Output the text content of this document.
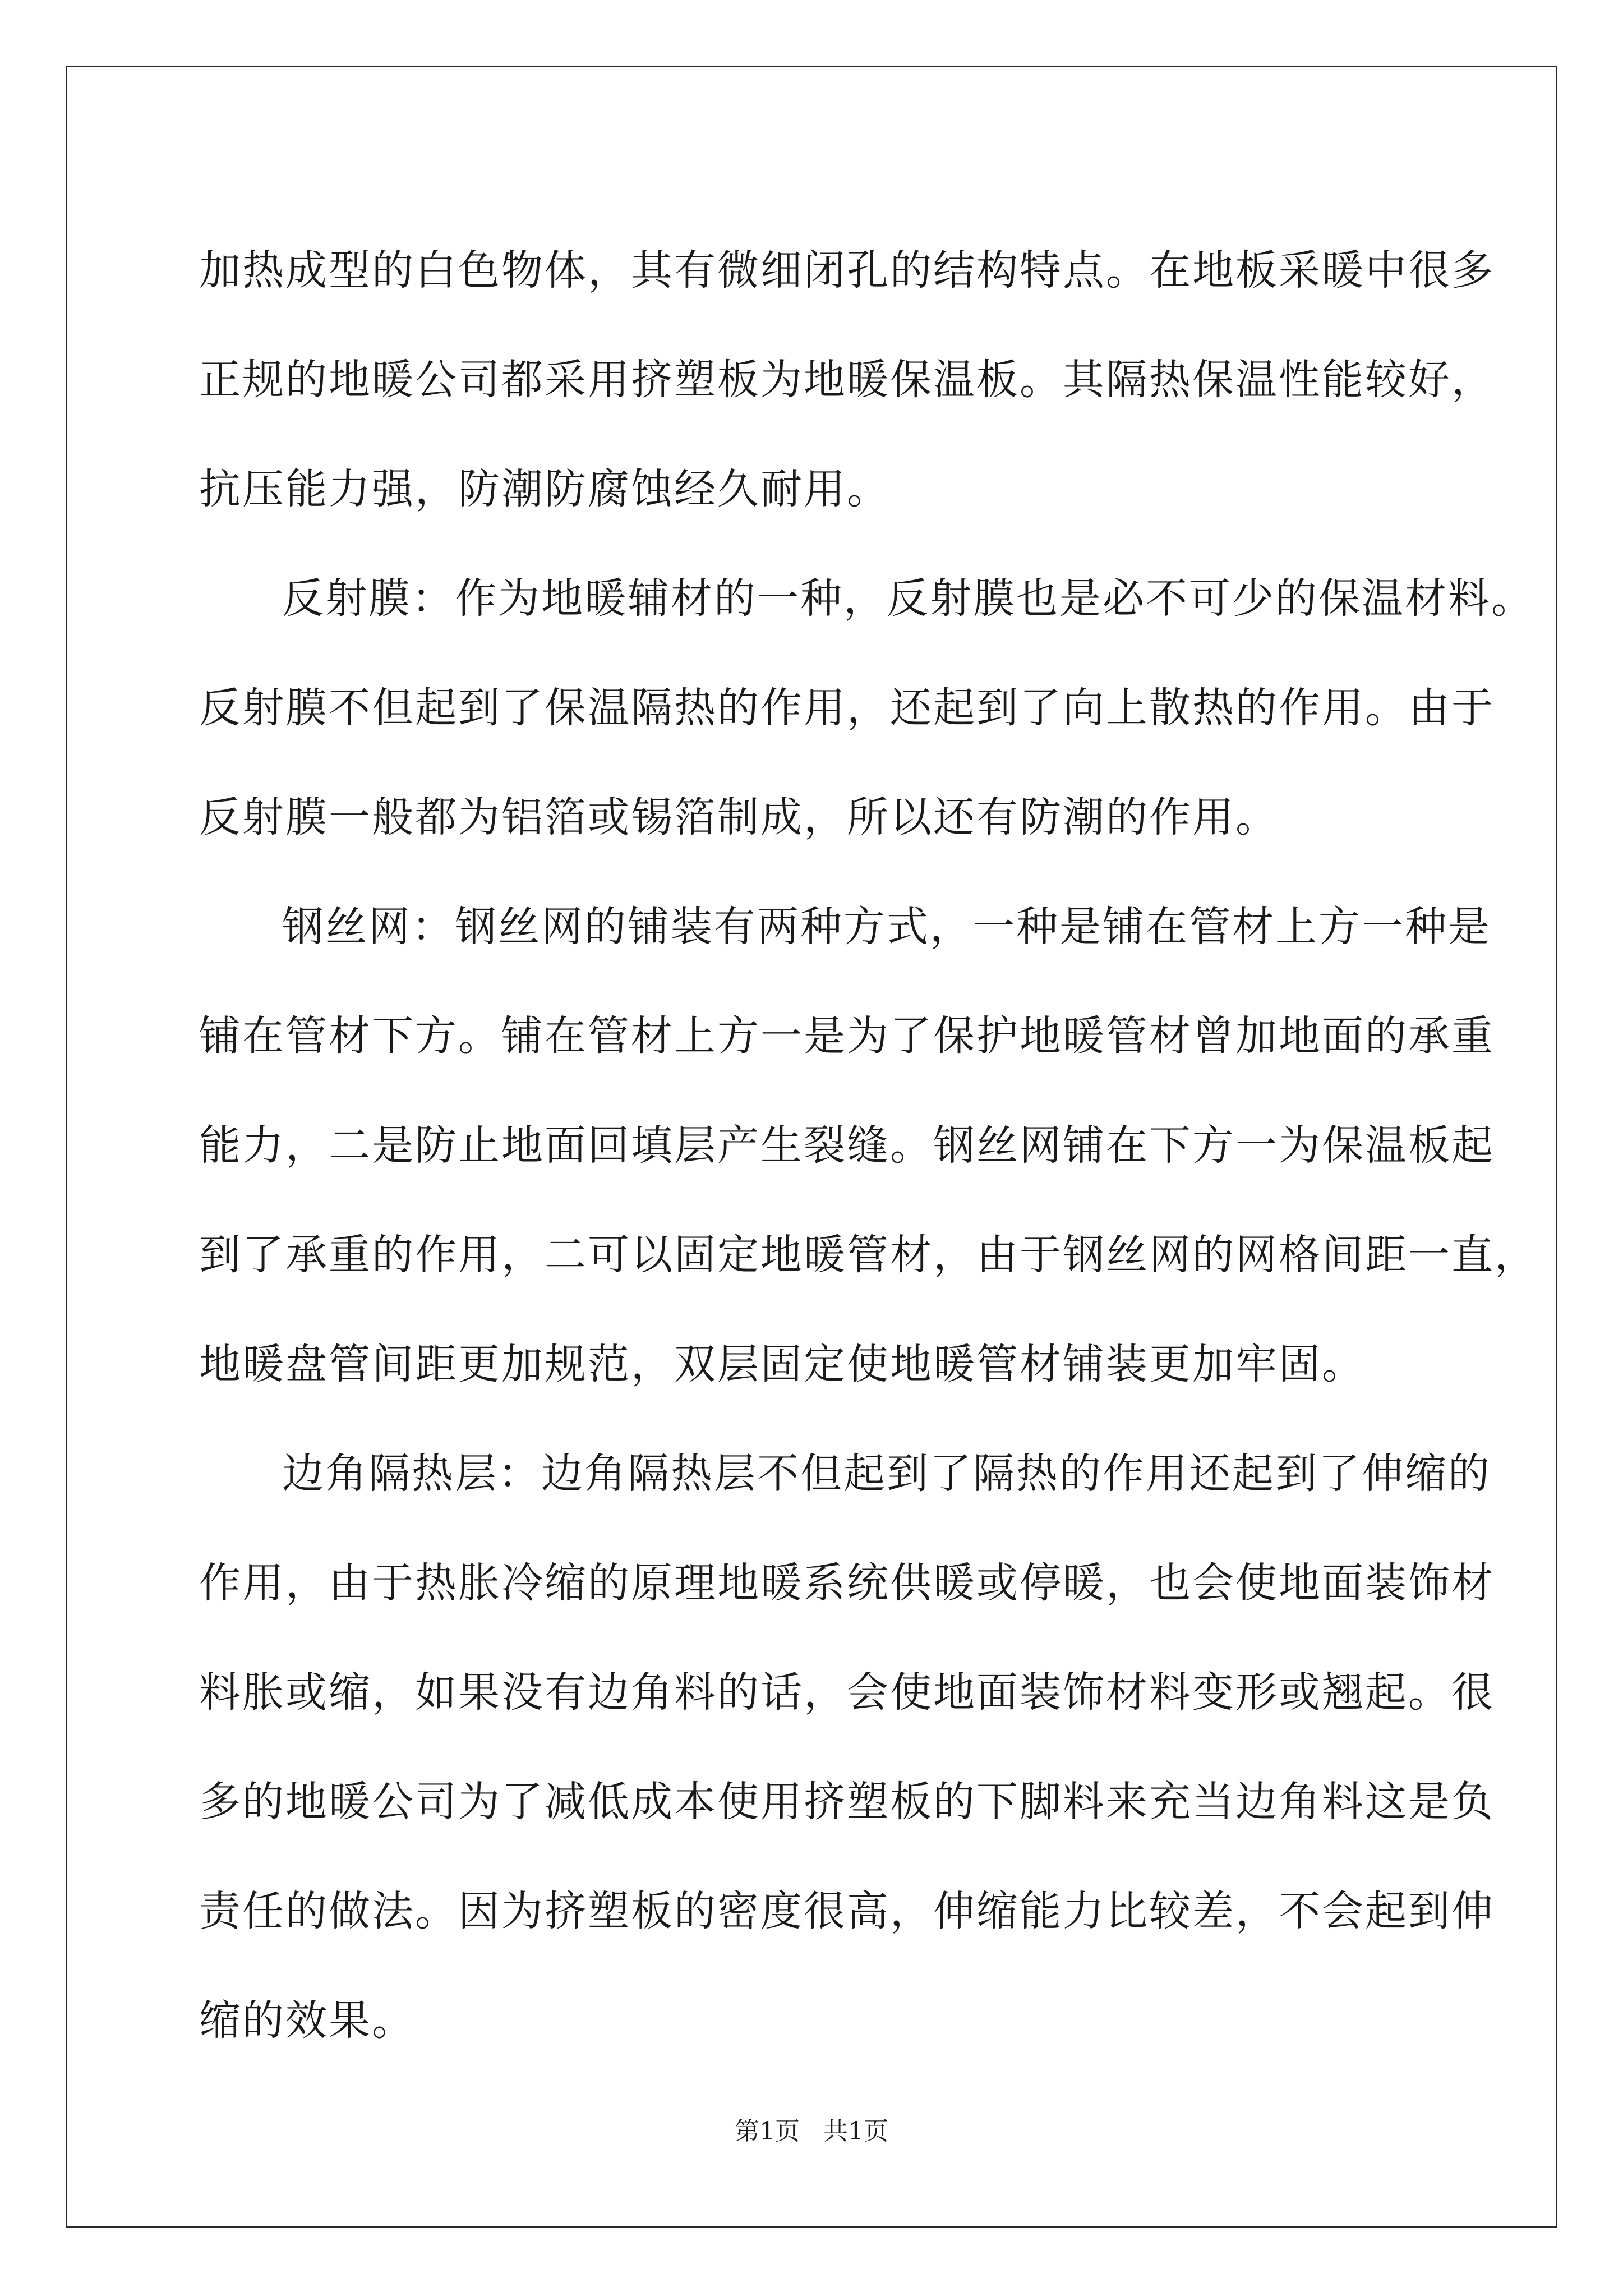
加热成型的白色物体，其有微细闭孔的结构特点。在地板采暖中很多
正规的地暖公司都采用挤塑板为地暖保温板。其隔热保温性能较好，
抗压能力强，防潮防腐蚀经久耐用。
反射膜：作为地暖辅材的一种，反射膜也是必不可少的保温材料。
反射膜不但起到了保温隔热的作用，还起到了向上散热的作用。由于
反射膜一般都为铝箔或锡箔制成，所以还有防潮的作用。
钢丝网：钢丝网的铺装有两种方式，一种是铺在管材上方一种是
铺在管材下方。铺在管材上方一是为了保护地暖管材曾加地面的承重
能力，二是防止地面回填层产生裂缝。钢丝网铺在下方一为保温板起
到了承重的作用，二可以固定地暖管材，由于钢丝网的网格间距一直，
地暖盘管间距更加规范，双层固定使地暖管材铺装更加牢固。
边角隔热层：边角隔热层不但起到了隔热的作用还起到了伸缩的
作用，由于热胀冷缩的原理地暖系统供暖或停暖，也会使地面装饰材
料胀或缩，如果没有边角料的话，会使地面装饰材料变形或翘起。很
多的地暖公司为了减低成本使用挤塑板的下脚料来充当边角料这是负
责任的做法。因为挤塑板的密度很高，伸缩能力比较差，不会起到伸
缩的效果。
第1页   共1页
